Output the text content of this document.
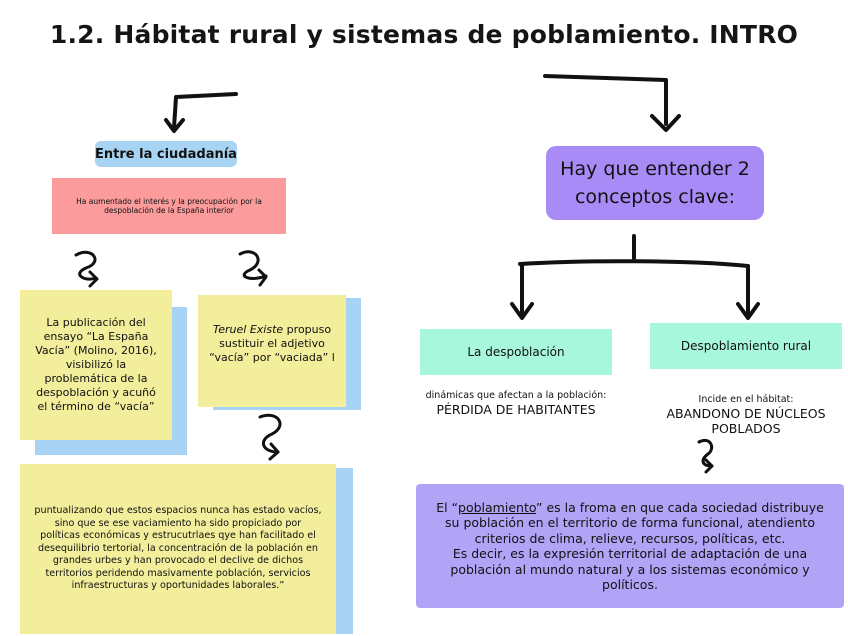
1.2. Hábitat rural y sistemas de poblamiento. INTRO
Entre la ciudadanía
Ha aumentado el interés y la preocupación por la despoblación de la España interior
La publicación del ensayo “La España Vacía” (Molino, 2016), visibilizó la problemática de la despoblación y acuñó el término de “vacía”
Teruel Existe propuso sustituir el adjetivo “vacía” por “vaciada” l
puntualizando que estos espacios nunca has estado vacíos, sino que se ese vaciamiento ha sido propiciado por políticas económicas y estrucutrlaes qye han facilitado el desequilibrio tertorial, la concentración de la población en grandes urbes y han provocado el declive de dichos territorios peridendo masivamente población, servicios infraestructuras y oportunidades laborales.”
Hay que entender 2
conceptos clave:
La despoblación	Despoblamiento rural
dinámicas que afectan a la población:
PÉRDIDA DE HABITANTES
Incide en el hábitat:
ABANDONO DE NÚCLEOS POBLADOS
El “poblamiento” es la froma en que cada sociedad distribuye su población en el territorio de forma funcional, atendiento criterios de clima, relieve, recursos, políticas, etc.
Es decir, es la expresión territorial de adaptación de una población al mundo natural y a los sistemas económico y políticos.
